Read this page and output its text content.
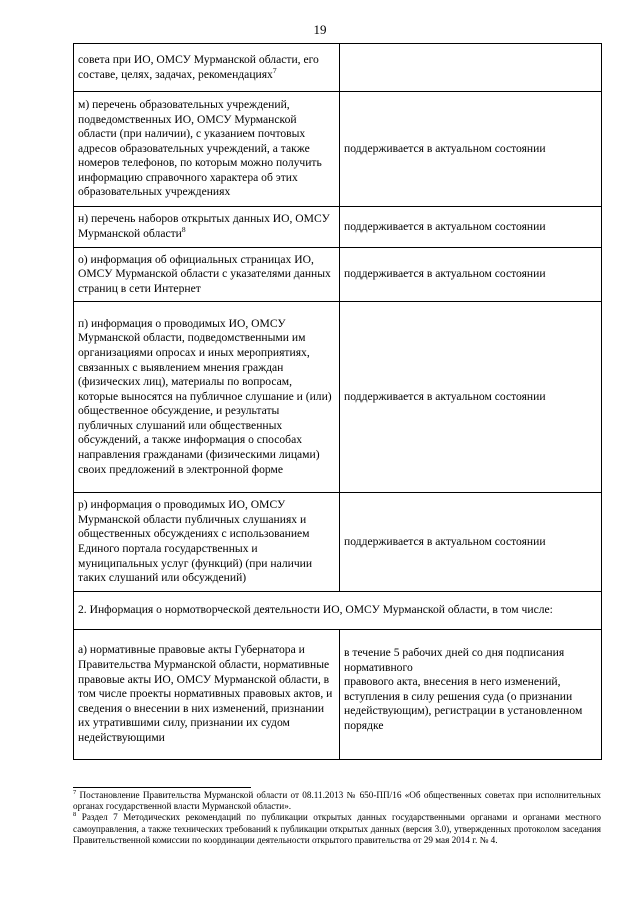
19
совета при ИО, ОМСУ Мурманской области, его составе, целях, задачах, рекомендациях$^7$	
м) перечень образовательных учреждений, подведомственных ИО, ОМСУ Мурманской области (при наличии), с указанием почтовых адресов образовательных учреждений, а также номеров телефонов, по которым можно получить информацию справочного характера об этих образовательных учреждениях	поддерживается в актуальном состоянии
н) перечень наборов открытых данных ИО, ОМСУ Мурманской области$^8$	поддерживается в актуальном состоянии
о) информация об официальных страницах ИО, ОМСУ Мурманской области с указателями данных страниц в сети Интернет	поддерживается в актуальном состоянии
п) информация о проводимых ИО, ОМСУ Мурманской области, подведомственными им организациями опросах и иных мероприятиях, связанных с выявлением мнения граждан (физических лиц), материалы по вопросам, которые выносятся на публичное слушание и (или) общественное обсуждение, и результаты публичных слушаний или общественных обсуждений, а также информация о способах направления гражданами (физическими лицами) своих предложений в электронной форме	поддерживается в актуальном состоянии
р) информация о проводимых ИО, ОМСУ Мурманской области публичных слушаниях и общественных обсуждениях с использованием Единого портала государственных и муниципальных услуг (функций) (при наличии таких слушаний или обсуждений)	поддерживается в актуальном состоянии
2. Информация о нормотворческой деятельности ИО, ОМСУ Мурманской области, в том числе:	
а) нормативные правовые акты Губернатора и Правительства Мурманской области, нормативные правовые акты ИО, ОМСУ Мурманской области, в том числе проекты нормативных правовых актов, и сведения о внесении в них изменений, признании их утратившими силу, признании их судом недействующими	в течение 5 рабочих дней со дня подписания нормативного
правового акта, внесения в него изменений, вступления в силу решения суда (о признании недействующим), регистрации в установленном порядке

$^7$ Постановление Правительства Мурманской области от 08.11.2013 № 650-ПП/16 «Об общественных советах при исполнительных органах государственной власти Мурманской области».

$^8$ Раздел 7 Методических рекомендаций по публикации открытых данных государственными органами и органами местного самоуправления, а также технических требований к публикации открытых данных (версия 3.0), утвержденных протоколом заседания Правительственной комиссии по координации деятельности открытого правительства от 29 мая 2014 г. № 4.
